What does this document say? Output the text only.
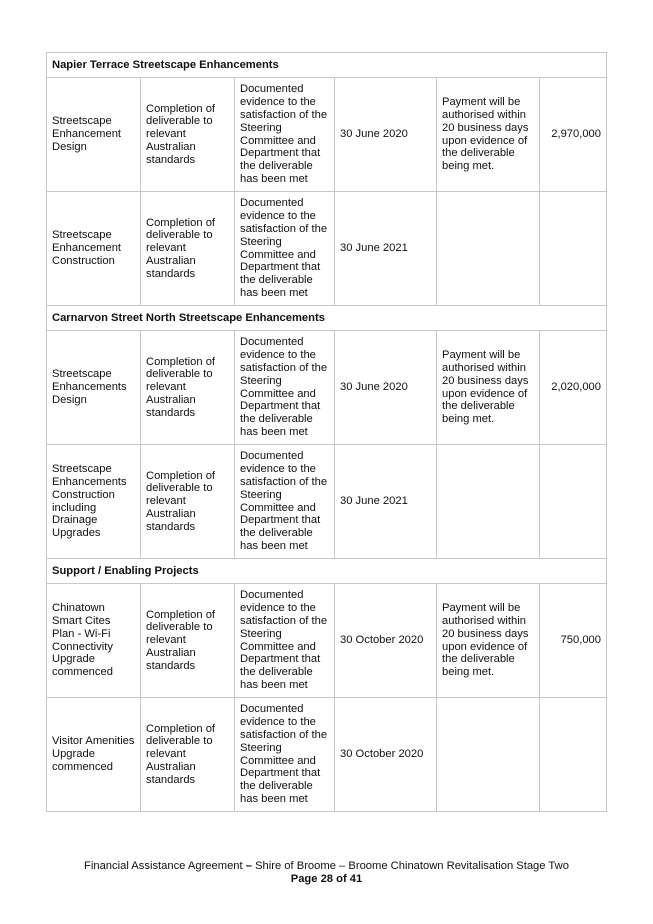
Napier Terrace Streetscape Enhancements					
Streetscape Enhancement Design	Completion of deliverable to relevant Australian standards	Documented evidence to the satisfaction of the Steering Committee and Department that the deliverable has been met	30 June 2020	Payment will be authorised within 20 business days upon evidence of the deliverable being met.	2,970,000
Streetscape Enhancement Construction	Completion of deliverable to relevant Australian standards	Documented evidence to the satisfaction of the Steering Committee and Department that the deliverable has been met	30 June 2021		
Carnarvon Street North Streetscape Enhancements					
Streetscape Enhancements Design	Completion of deliverable to relevant Australian standards	Documented evidence to the satisfaction of the Steering Committee and Department that the deliverable has been met	30 June 2020	Payment will be authorised within 20 business days upon evidence of the deliverable being met.	2,020,000
Streetscape Enhancements Construction including Drainage Upgrades	Completion of deliverable to relevant Australian standards	Documented evidence to the satisfaction of the Steering Committee and Department that the deliverable has been met	30 June 2021		
Support / Enabling Projects					
Chinatown Smart Cites Plan - Wi-Fi Connectivity Upgrade commenced	Completion of deliverable to relevant Australian standards	Documented evidence to the satisfaction of the Steering Committee and Department that the deliverable has been met	30 October 2020	Payment will be authorised within 20 business days upon evidence of the deliverable being met.	750,000
Visitor Amenities Upgrade commenced	Completion of deliverable to relevant Australian standards	Documented evidence to the satisfaction of the Steering Committee and Department that the deliverable has been met	30 October 2020		
Financial Assistance Agreement – Shire of Broome – Broome Chinatown Revitalisation Stage Two
Page 28 of 41
